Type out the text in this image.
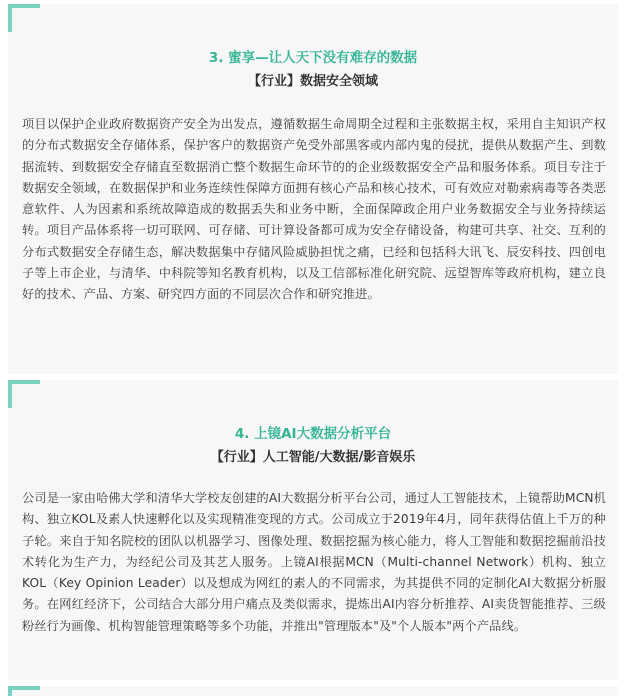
3. 蜜享—让人天下没有难存的数据
【行业】数据安全领域

项目以保护企业政府数据资产安全为出发点，遵循数据生命周期全过程和主张数据主权，采用自主知识产权的分布式数据安全存储体系，保护客户的数据资产免受外部黑客或内部内鬼的侵扰，提供从数据产生、到数据流转、到数据安全存储直至数据消亡整个数据生命环节的的企业级数据安全产品和服务体系。项目专注于数据安全领域，在数据保护和业务连续性保障方面拥有核心产品和核心技术，可有效应对勒索病毒等各类恶意软件、人为因素和系统故障造成的数据丢失和业务中断，全面保障政企用户业务数据安全与业务持续运转。项目产品体系将一切可联网、可存储、可计算设备都可成为安全存储设备，构建可共享、社交、互利的分布式数据安全存储生态，解决数据集中存储风险威胁担忧之痛，已经和包括科大讯飞、辰安科技、四创电子等上市企业，与清华、中科院等知名教育机构，以及工信部标准化研究院、远望智库等政府机构，建立良好的技术、产品、方案、研究四方面的不同层次合作和研究推进。

4. 上镜AI大数据分析平台
【行业】人工智能/大数据/影音娱乐

公司是一家由哈佛大学和清华大学校友创建的AI大数据分析平台公司，通过人工智能技术，上镜帮助MCN机构、独立KOL及素人快速孵化以及实现精准变现的方式。公司成立于2019年4月，同年获得估值上千万的种子轮。来自于知名院校的团队以机器学习、图像处理、数据挖掘为核心能力，将人工智能和数据挖掘前沿技术转化为生产力，为经纪公司及其艺人服务。上镜AI根据MCN（Multi-channel Network）机构、独立KOL（Key Opinion Leader）以及想成为网红的素人的不同需求，为其提供不同的定制化AI大数据分析服务。在网红经济下，公司结合大部分用户痛点及类似需求，提炼出AI内容分析推荐、AI卖货智能推荐、三级粉丝行为画像、机构智能管理策略等多个功能，并推出"管理版本"及"个人版本"两个产品线。
